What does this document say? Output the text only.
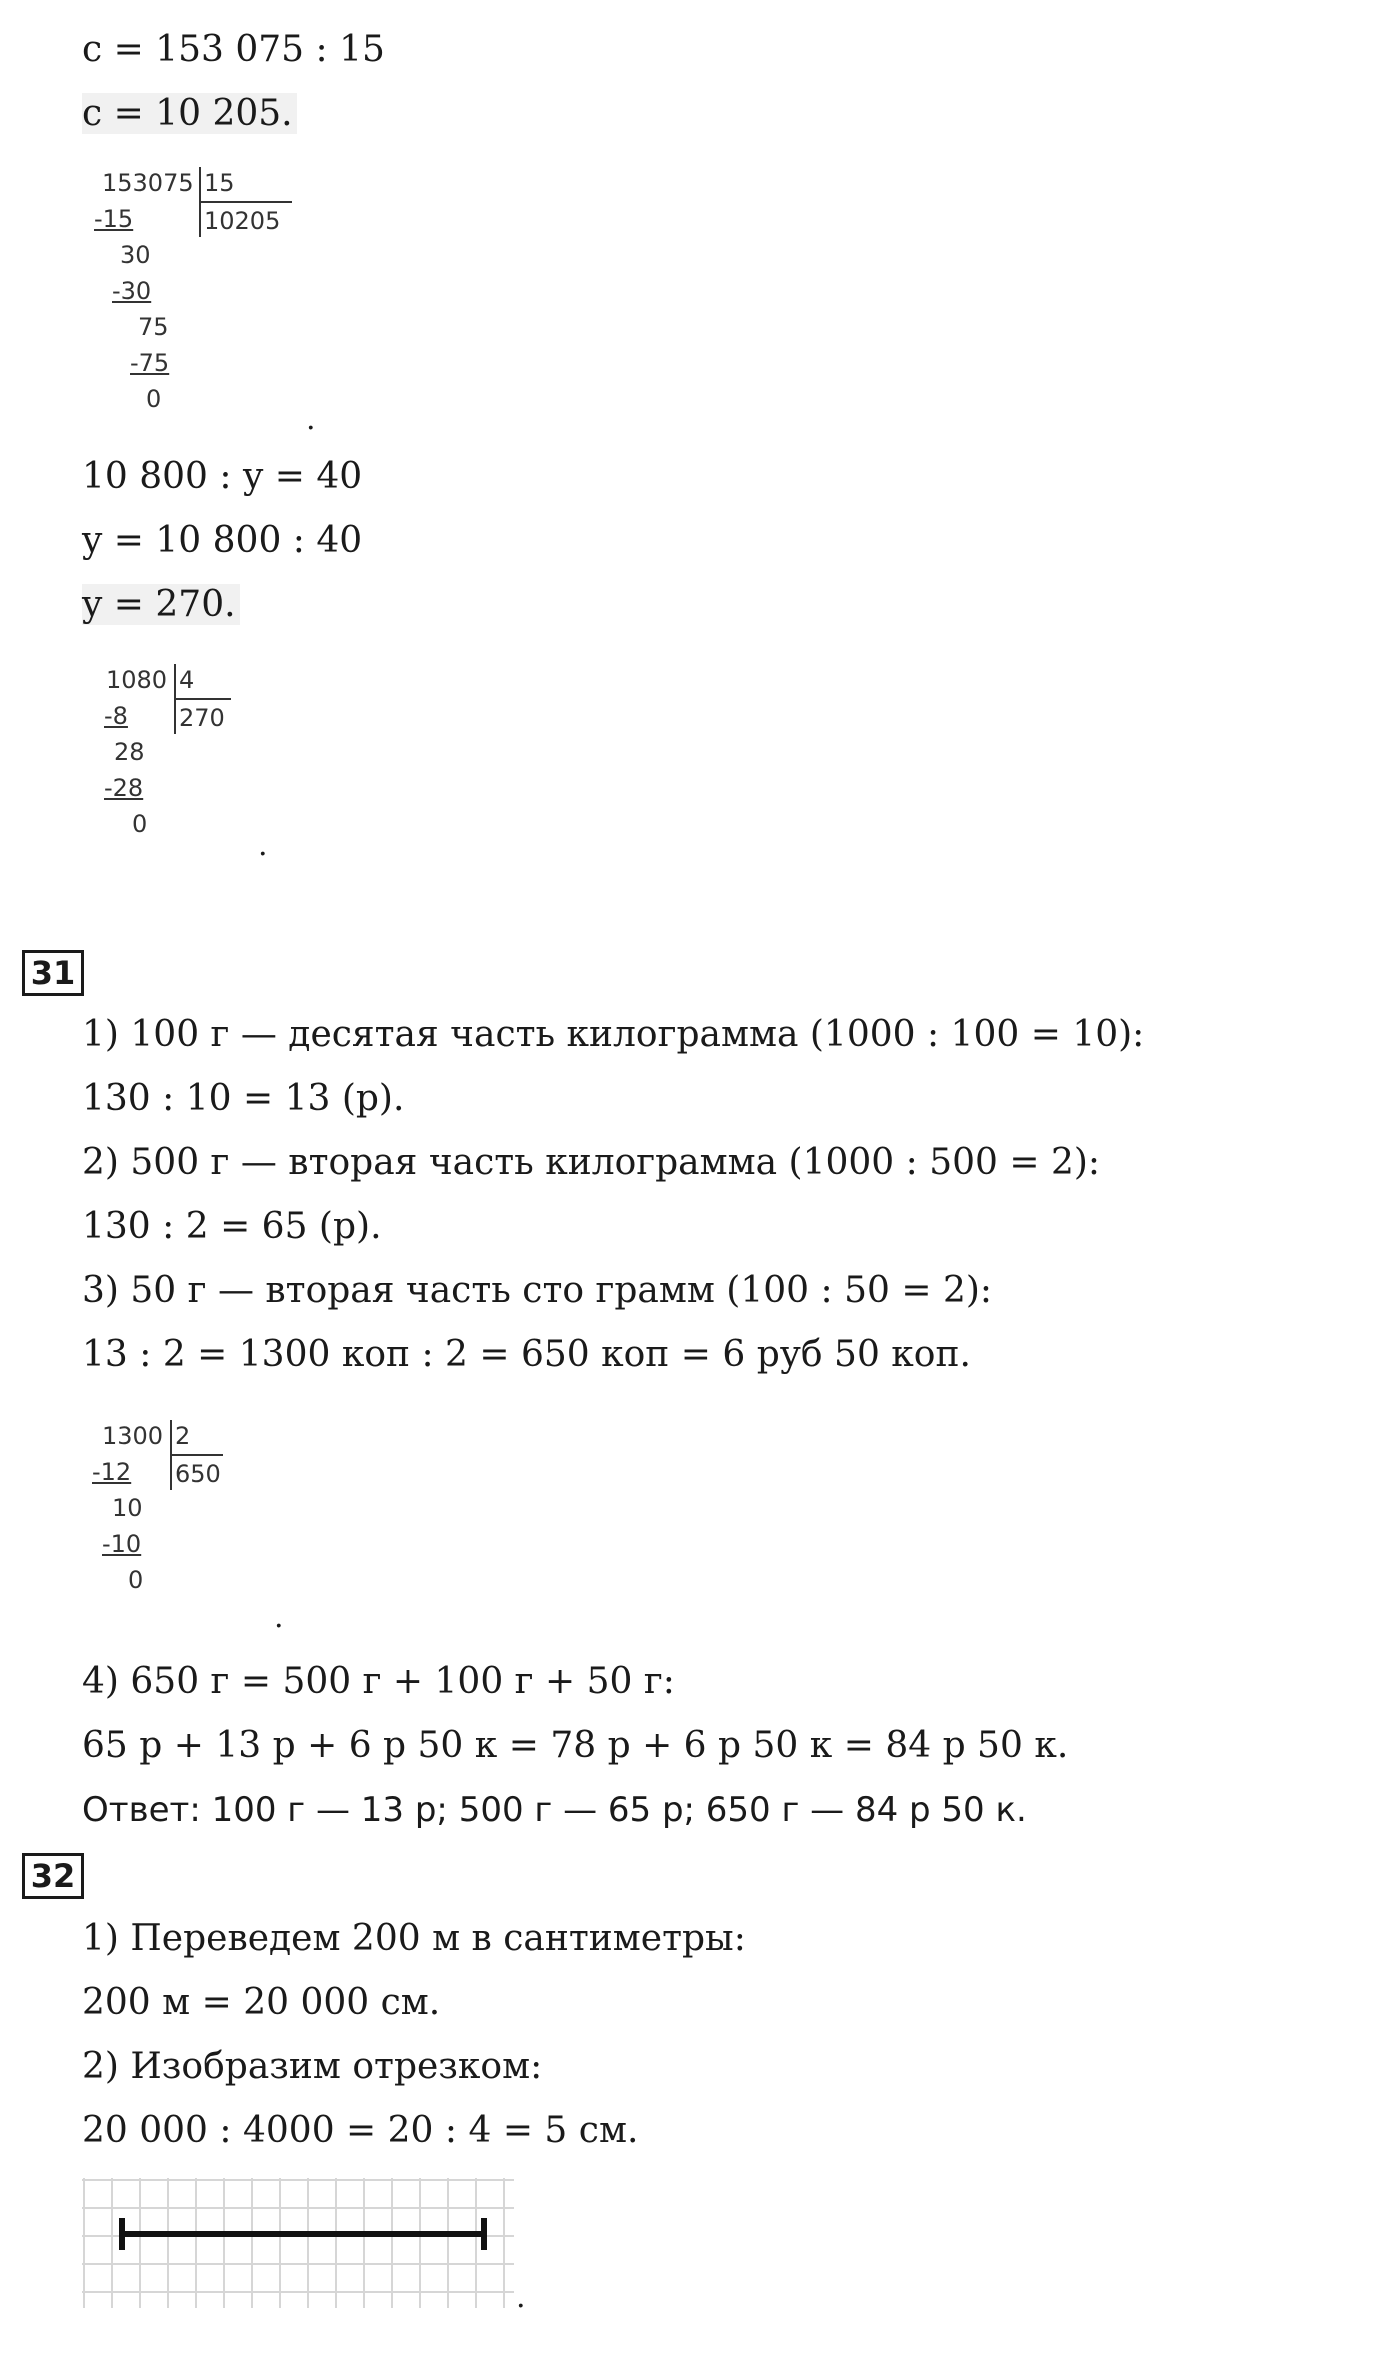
c = 153 075 : 15
c = 10 205.
153075 15
10205
-15
30
-30
75
-75
0
.
10 800 : y = 40
y = 10 800 : 40
y = 270.
1080 4
270
-8
28
-28
0
.
31
1) 100 г — десятая часть килограмма (1000 : 100 = 10):
130 : 10 = 13 (р).
2) 500 г — вторая часть килограмма (1000 : 500 = 2):
130 : 2 = 65 (р).
3) 50 г — вторая часть сто грамм (100 : 50 = 2):
13 : 2 = 1300 коп : 2 = 650 коп = 6 руб 50 коп.
1300 2
650
-12
10
-10
0
.
4) 650 г = 500 г + 100 г + 50 г:
65 р + 13 р + 6 р 50 к = 78 р + 6 р 50 к = 84 р 50 к.
Ответ: 100 г — 13 р; 500 г — 65 р; 650 г — 84 р 50 к.
32
1) Переведем 200 м в сантиметры:
200 м = 20 000 см.
2) Изобразим отрезком:
20 000 : 4000 = 20 : 4 = 5 см.
.
